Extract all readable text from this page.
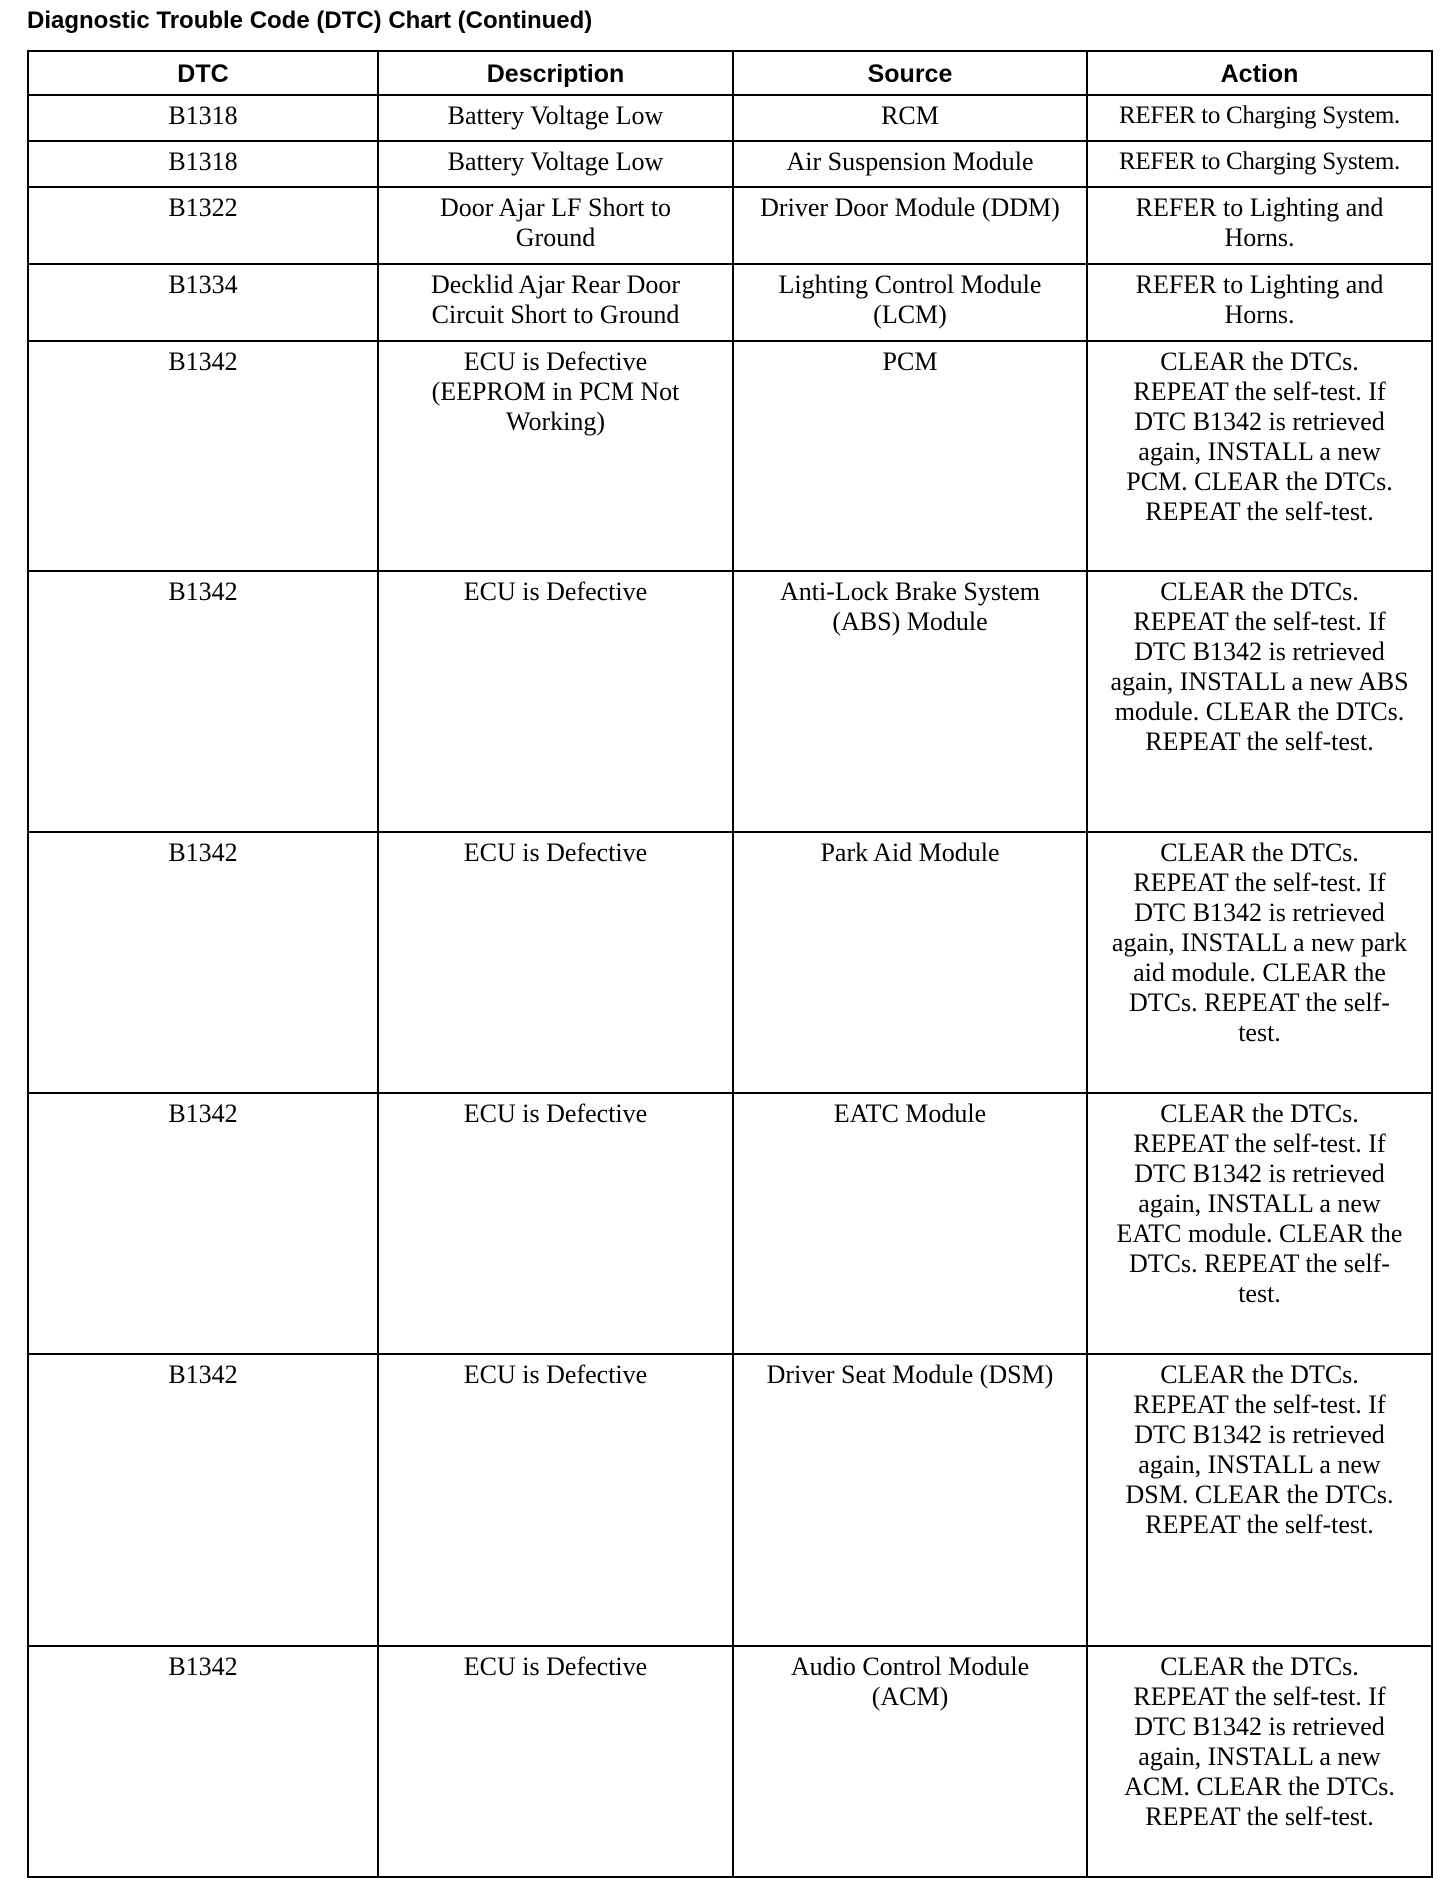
Diagnostic Trouble Code (DTC) Chart (Continued)
DTC	Description	Source	Action

B1318	Battery Voltage Low	RCM	REFER to Charging System.

B1318	Battery Voltage Low	Air Suspension Module	REFER to Charging System.

B1322	Door Ajar LF Short to Ground	Driver Door Module (DDM)	REFER to Lighting and Horns.

B1334	Decklid Ajar Rear Door Circuit Short to Ground	Lighting Control Module (LCM)	REFER to Lighting and Horns.

B1342	ECU is Defective (EEPROM in PCM Not Working)	PCM	CLEAR the DTCs. REPEAT the self-test. If DTC B1342 is retrieved again, INSTALL a new PCM. CLEAR the DTCs. REPEAT the self-test.

B1342	ECU is Defective	Anti-Lock Brake System (ABS) Module	CLEAR the DTCs. REPEAT the self-test. If DTC B1342 is retrieved again, INSTALL a new ABS module. CLEAR the DTCs. REPEAT the self-test.

B1342	ECU is Defective	Park Aid Module	CLEAR the DTCs. REPEAT the self-test. If DTC B1342 is retrieved again, INSTALL a new park aid module. CLEAR the DTCs. REPEAT the self-test.

B1342	ECU is Defective	EATC Module	CLEAR the DTCs. REPEAT the self-test. If DTC B1342 is retrieved again, INSTALL a new EATC module. CLEAR the DTCs. REPEAT the self-test.

B1342	ECU is Defective	Driver Seat Module (DSM)	CLEAR the DTCs. REPEAT the self-test. If DTC B1342 is retrieved again, INSTALL a new DSM. CLEAR the DTCs. REPEAT the self-test.

B1342	ECU is Defective	Audio Control Module (ACM)	CLEAR the DTCs. REPEAT the self-test. If DTC B1342 is retrieved again, INSTALL a new ACM. CLEAR the DTCs. REPEAT the self-test.
